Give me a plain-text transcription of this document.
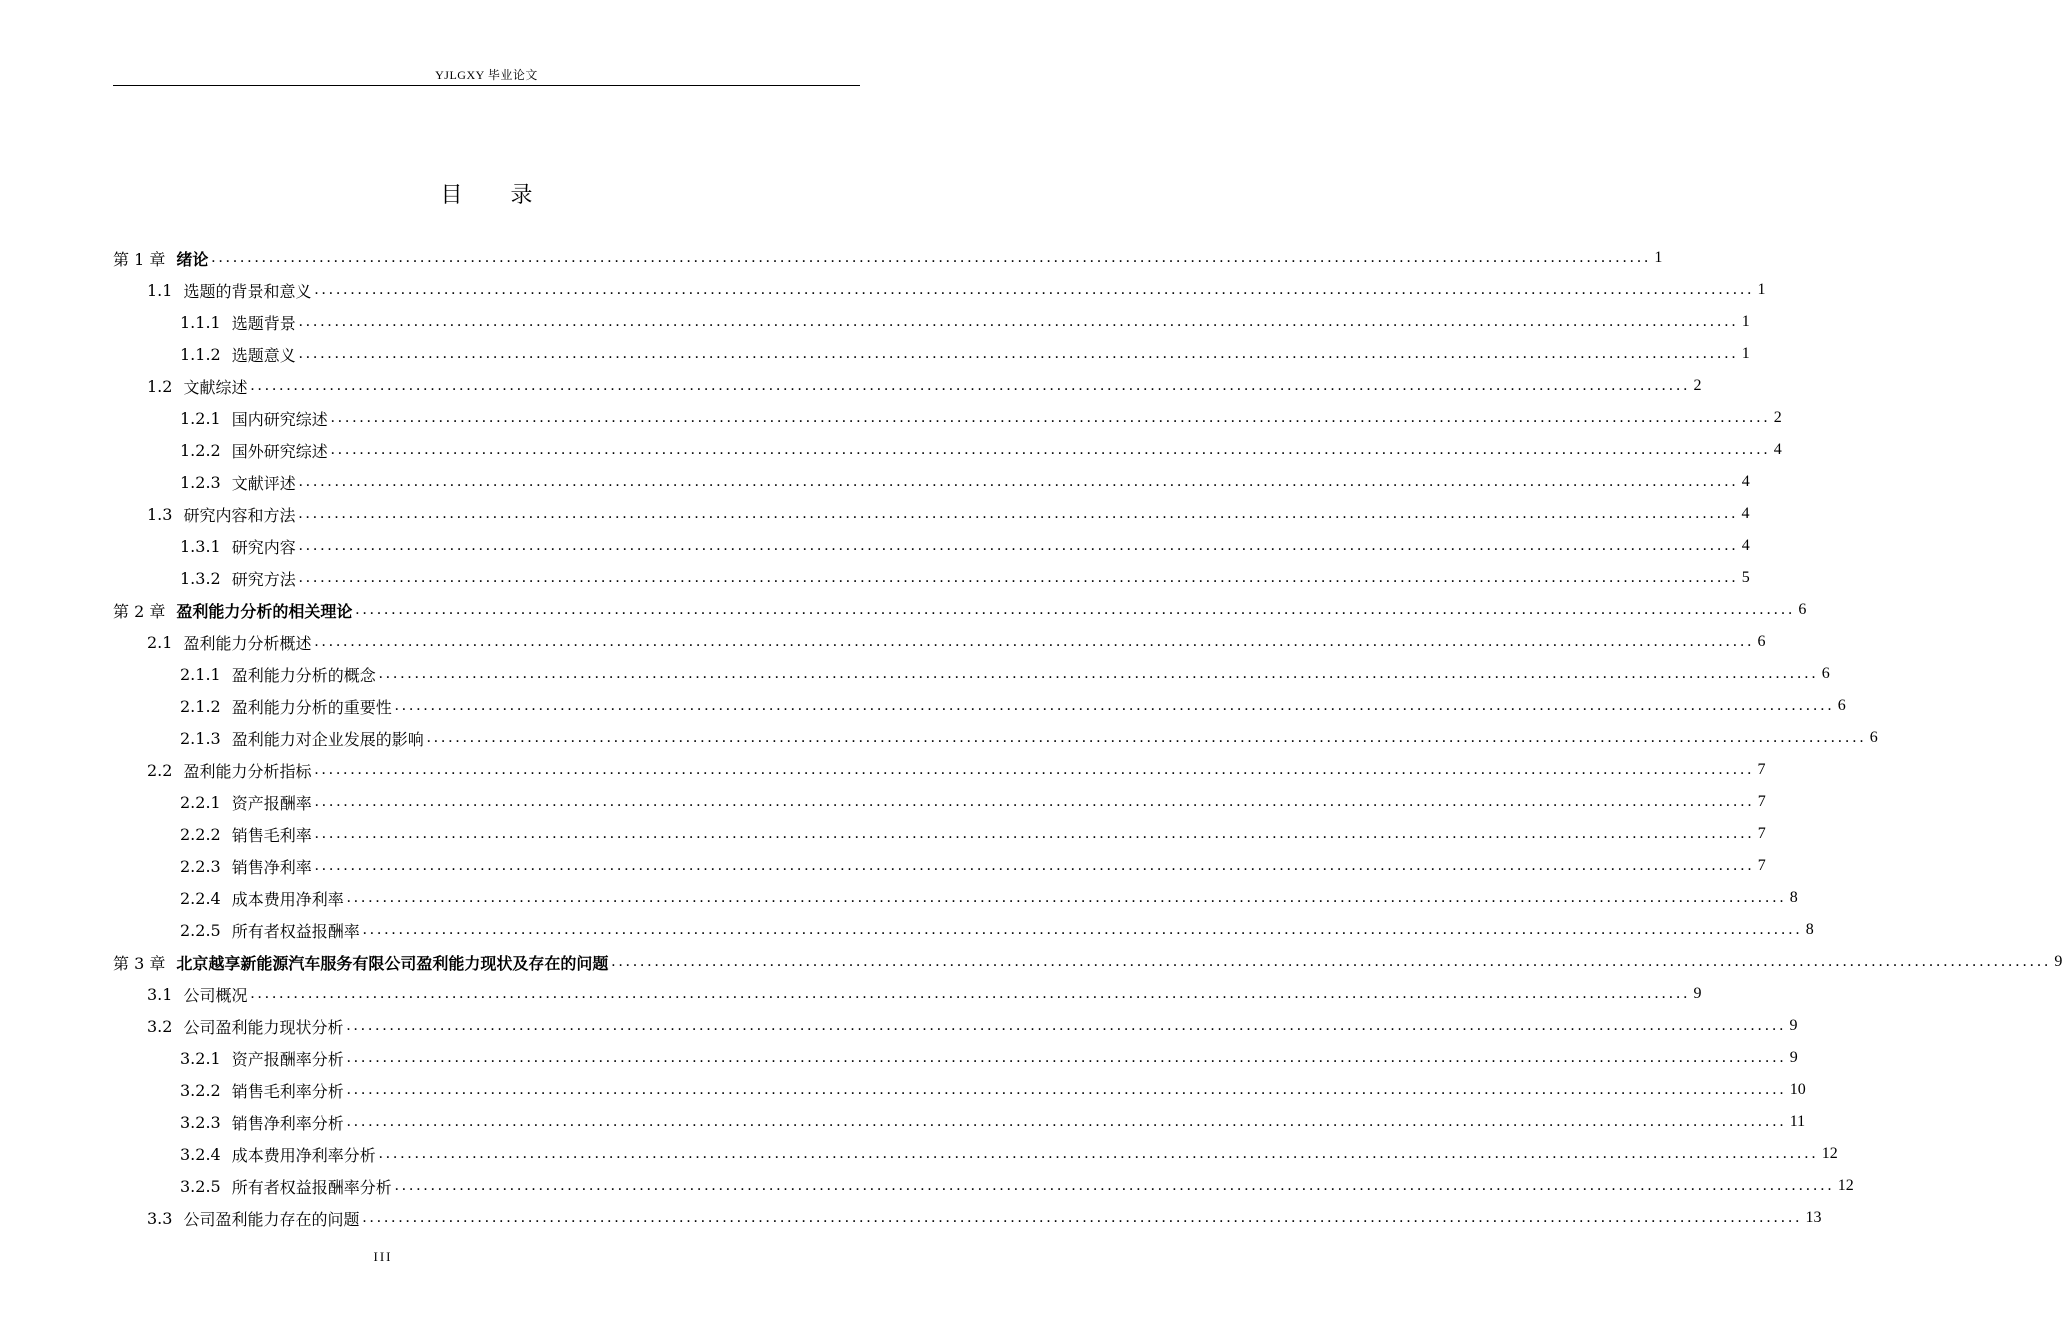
YJLGXY 毕业论文
目 录
第 1 章 绪论 ........................................................................................................................................................................................................ 1
1.1 选题的背景和意义 ........................................................................................................................................................................................................ 1
1.1.1 选题背景 ........................................................................................................................................................................................................ 1
1.1.2 选题意义 ........................................................................................................................................................................................................ 1
1.2 文献综述 ........................................................................................................................................................................................................ 2
1.2.1 国内研究综述 ........................................................................................................................................................................................................ 2
1.2.2 国外研究综述 ........................................................................................................................................................................................................ 4
1.2.3 文献评述 ........................................................................................................................................................................................................ 4
1.3 研究内容和方法 ........................................................................................................................................................................................................ 4
1.3.1 研究内容 ........................................................................................................................................................................................................ 4
1.3.2 研究方法 ........................................................................................................................................................................................................ 5
第 2 章 盈利能力分析的相关理论 ........................................................................................................................................................................................................ 6
2.1 盈利能力分析概述 ........................................................................................................................................................................................................ 6
2.1.1 盈利能力分析的概念 ........................................................................................................................................................................................................ 6
2.1.2 盈利能力分析的重要性 ........................................................................................................................................................................................................ 6
2.1.3 盈利能力对企业发展的影响 ........................................................................................................................................................................................................ 6
2.2 盈利能力分析指标 ........................................................................................................................................................................................................ 7
2.2.1 资产报酬率 ........................................................................................................................................................................................................ 7
2.2.2 销售毛利率 ........................................................................................................................................................................................................ 7
2.2.3 销售净利率 ........................................................................................................................................................................................................ 7
2.2.4 成本费用净利率 ........................................................................................................................................................................................................ 8
2.2.5 所有者权益报酬率 ........................................................................................................................................................................................................ 8
第 3 章 北京越享新能源汽车服务有限公司盈利能力现状及存在的问题 ........................................................................................................................................................................................................ 9
3.1 公司概况 ........................................................................................................................................................................................................ 9
3.2 公司盈利能力现状分析 ........................................................................................................................................................................................................ 9
3.2.1 资产报酬率分析 ........................................................................................................................................................................................................ 9
3.2.2 销售毛利率分析 ........................................................................................................................................................................................................ 10
3.2.3 销售净利率分析 ........................................................................................................................................................................................................ 11
3.2.4 成本费用净利率分析 ........................................................................................................................................................................................................ 12
3.2.5 所有者权益报酬率分析 ........................................................................................................................................................................................................ 12
3.3 公司盈利能力存在的问题 ........................................................................................................................................................................................................ 13
III
